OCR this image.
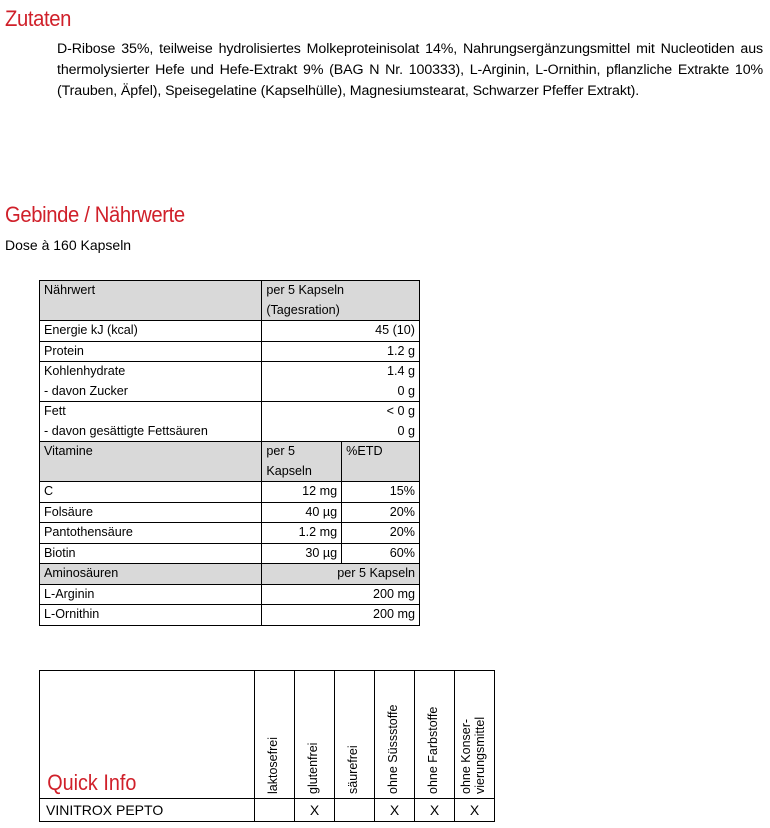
Zutaten
D-Ribose 35%, teilweise hydrolisiertes Molkeproteinisolat 14%, Nahrungsergänzungsmittel mit Nucleotiden aus thermolysierter Hefe und Hefe-Extrakt 9% (BAG N Nr. 100333), L-Arginin, L-Ornithin, pflanzliche Extrakte 10% (Trauben, Äpfel), Speisegelatine (Kapselhülle), Magnesiumstearat, Schwarzer Pfeffer Extrakt).
Gebinde / Nährwerte
Dose à 160 Kapseln
Nährwert	per 5 Kapseln (Tagesration)	
Energie kJ (kcal)	45 (10)	
Protein	1.2 g	
Kohlenhydrate	1.4 g	
- davon Zucker	0 g	
Fett	< 0 g	
- davon gesättigte Fettsäuren	0 g	
Vitamine	per 5 Kapseln	%ETD
C	12 mg	15%
Folsäure	40 µg	20%
Pantothensäure	1.2 mg	20%
Biotin	30 µg	60%
Aminosäuren	per 5 Kapseln	
L-Arginin	200 mg	
L-Ornithin	200 mg	
Quick Info	laktosefrei	glutenfrei	säurefrei	ohne Süssstoffe	ohne Farbstoffe	ohne Konser- vierungsmittel

VINITROX PEPTO		X		X	X	X
